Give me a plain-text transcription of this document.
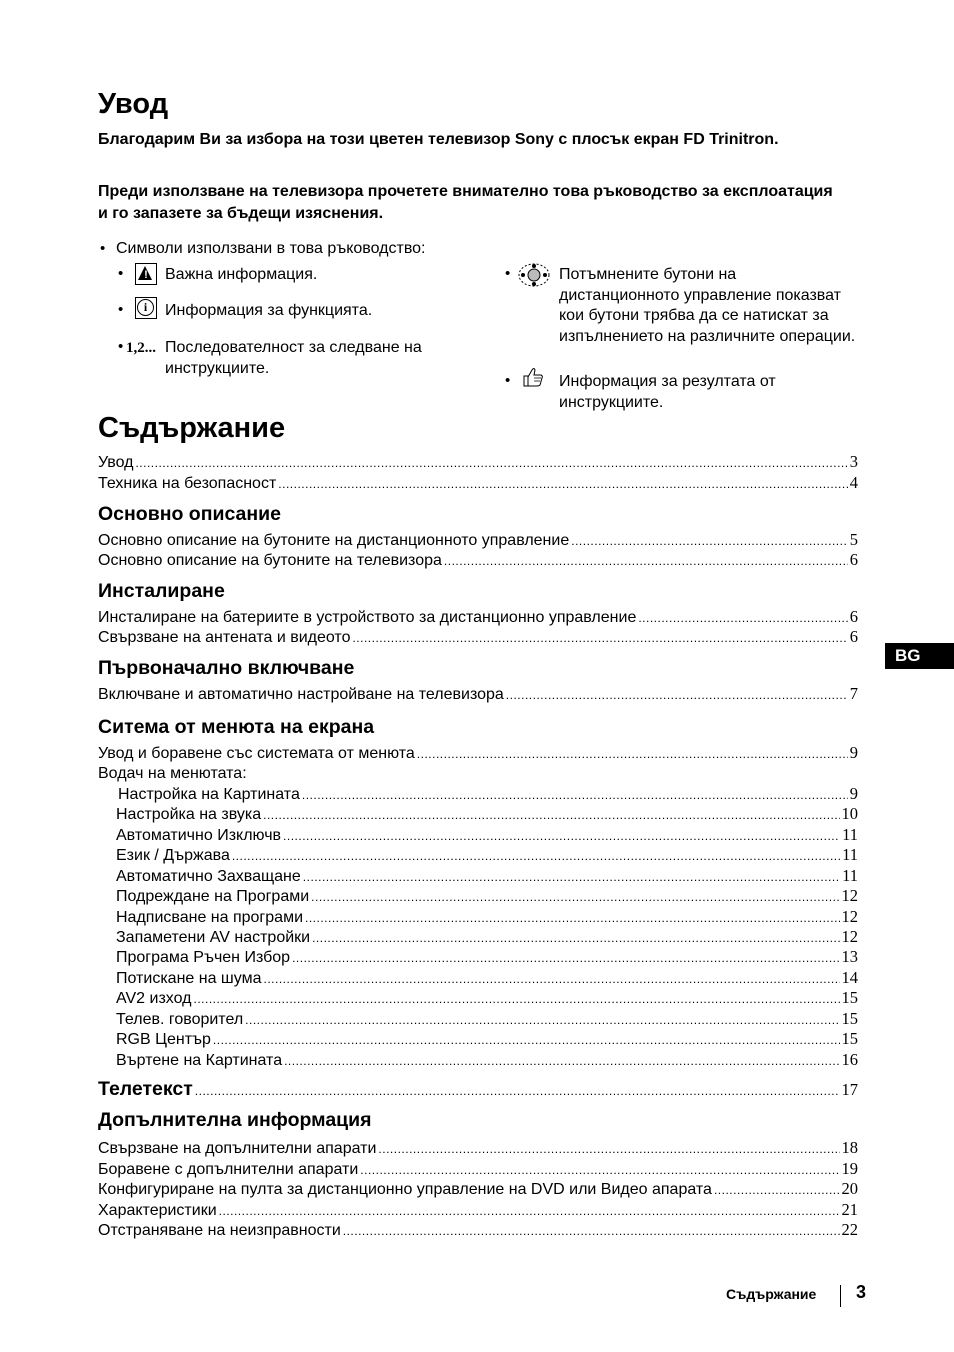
Увод

Благодарим Ви за избора на този цветен телевизор Sony с плосък екран FD Trinitron.

Преди използване на телевизора прочетете внимателно това ръководство за експлоатация и го запазете за бъдещи изяснения.

• Символи използвани в това ръководство:
• !	Важна информация.
•	i	Информация за функцията.
• 1,2... Последователност за следване на инструкциите.
•	Потъмнените бутони на дистанционното управление показват кои бутони трябва да се натискат за изпълнението на различните операции.
•	Информация за резултата от инструкциите.
Съдържание
Увод .....	3
Техника на безопасност .....	4
Основно описание
Основно описание на бутоните на дистанционното управление .....	5
Основно описание на бутоните на телевизора .....	6
Инсталиране
Инсталиране на батериите в устройството за дистанционно управление .....	6
Свързване на антената и видеото .....	6
Първоначално включване
Включване и автоматично настройване на телевизора .....	7
Ситема от менюта на екрана
Увод и боравене със системата от менюта .....	9
Водач на менютата:
Настройка на Картината .....	9
Настройка на звука .....	10
Автоматично Изключв .....	11
Език / Държава .....	11
Автоматично Захващане .....	11
Подреждане на Програми .....	12
Надписване на програми .....	12
Запаметени AV настройки .....	12
Програма Ръчен Избор .....	13
Потискане на шума .....	14
AV2 изход .....	15
Телев. говорител .....	15
RGB Център .....	15
Въртене на Картината .....	16
Телетекст .....	17
Допълнителна информация
Свързване на допълнителни апарати .....	18
Боравене с допълнителни апарати .....	19
Конфигуриране на пулта за дистанционно управление на DVD или Видео апарата .....	20
Характеристики .....	21
Отстраняване на неизправности .....	22
BG
Съдържание 3
